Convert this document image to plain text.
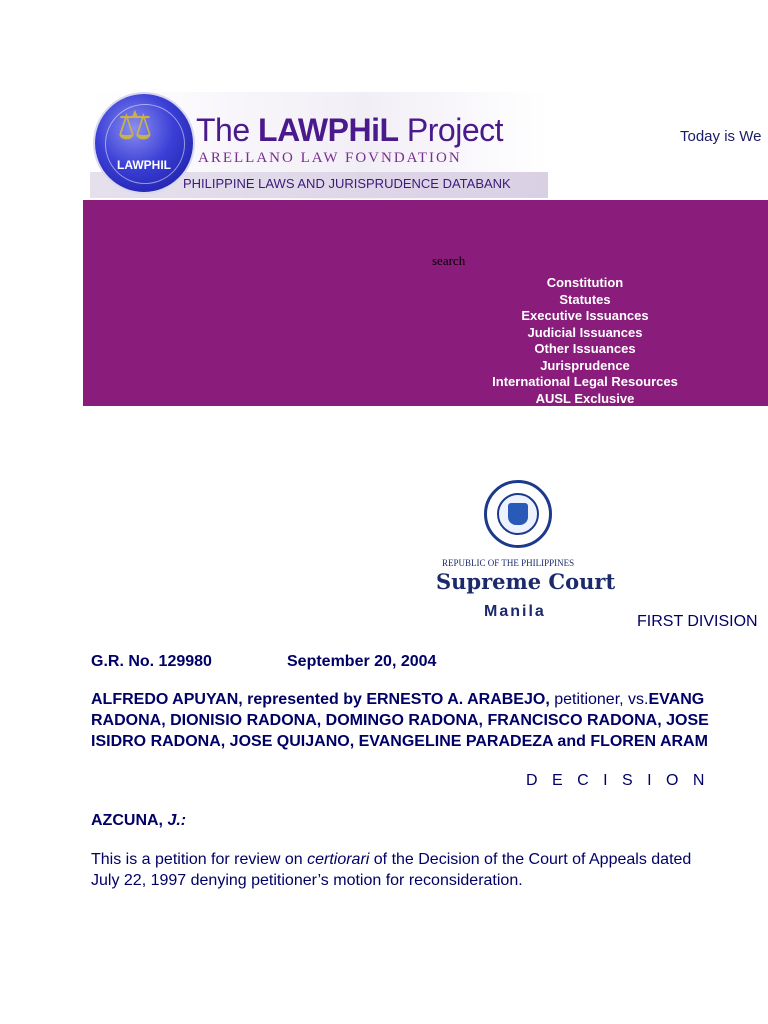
⚖
LAWPHIL

The LAWPHiL Project
ARELLANO LAW FOVNDATION
PHILIPPINE LAWS AND JURISPRUDENCE DATABANK
Today is We
search
Constitution
Statutes
Executive Issuances
Judicial Issuances
Other Issuances
Jurisprudence
International Legal Resources
AUSL Exclusive
REPUBLIC OF THE PHILIPPINES
Supreme Court
Manila
FIRST DIVISION
G.R. No. 129980	September 20, 2004
ALFREDO APUYAN, represented by ERNESTO A. ARABEJO, petitioner, vs.EVANG
RADONA, DIONISIO RADONA, DOMINGO RADONA, FRANCISCO RADONA, JOSE
ISIDRO RADONA, JOSE QUIJANO, EVANGELINE PARADEZA and FLOREN ARAM
D E C I S I O N
AZCUNA, J.:
This is a petition for review on certiorari of the Decision of the Court of Appeals dated
July 22, 1997 denying petitioner’s motion for reconsideration.
